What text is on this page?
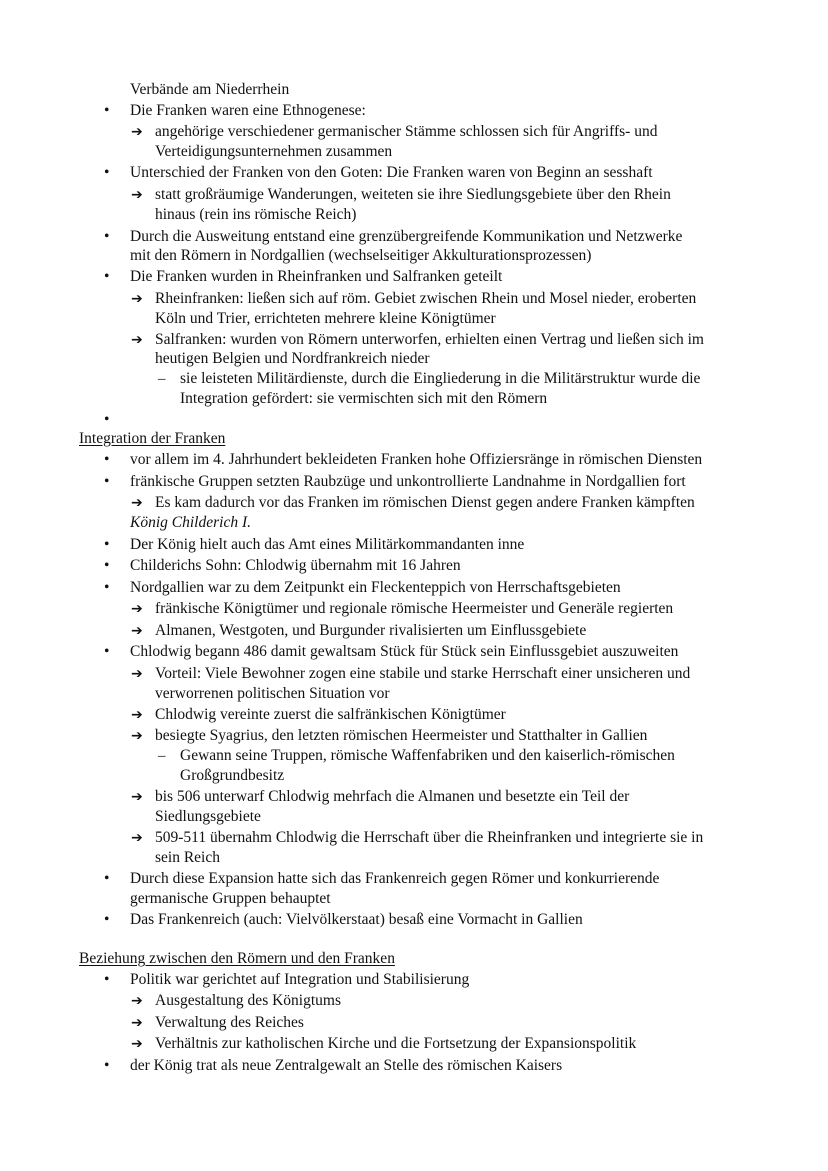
Verbände am Niederrhein
• Die Franken waren eine Ethnogenese:
➔ angehörige verschiedener germanischer Stämme schlossen sich für Angriffs- und
Verteidigungsunternehmen zusammen
• Unterschied der Franken von den Goten: Die Franken waren von Beginn an sesshaft
➔ statt großräumige Wanderungen, weiteten sie ihre Siedlungsgebiete über den Rhein
hinaus (rein ins römische Reich)
• Durch die Ausweitung entstand eine grenzübergreifende Kommunikation und Netzwerke
mit den Römern in Nordgallien (wechselseitiger Akkulturationsprozessen)
• Die Franken wurden in Rheinfranken und Salfranken geteilt
➔ Rheinfranken: ließen sich auf röm. Gebiet zwischen Rhein und Mosel nieder, eroberten
Köln und Trier, errichteten mehrere kleine Königtümer
➔ Salfranken: wurden von Römern unterworfen, erhielten einen Vertrag und ließen sich im
heutigen Belgien und Nordfrankreich nieder
– sie leisteten Militärdienste, durch die Eingliederung in die Militärstruktur wurde die
Integration gefördert: sie vermischten sich mit den Römern
•
Integration der Franken
• vor allem im 4. Jahrhundert bekleideten Franken hohe Offiziersränge in römischen Diensten
• fränkische Gruppen setzten Raubzüge und unkontrollierte Landnahme in Nordgallien fort
➔ Es kam dadurch vor das Franken im römischen Dienst gegen andere Franken kämpften
König Childerich I.
• Der König hielt auch das Amt eines Militärkommandanten inne
• Childerichs Sohn: Chlodwig übernahm mit 16 Jahren
• Nordgallien war zu dem Zeitpunkt ein Fleckenteppich von Herrschaftsgebieten
➔ fränkische Königtümer und regionale römische Heermeister und Generäle regierten
➔ Almanen, Westgoten, und Burgunder rivalisierten um Einflussgebiete
• Chlodwig begann 486 damit gewaltsam Stück für Stück sein Einflussgebiet auszuweiten
➔ Vorteil: Viele Bewohner zogen eine stabile und starke Herrschaft einer unsicheren und
verworrenen politischen Situation vor
➔ Chlodwig vereinte zuerst die salfränkischen Königtümer
➔ besiegte Syagrius, den letzten römischen Heermeister und Statthalter in Gallien
– Gewann seine Truppen, römische Waffenfabriken und den kaiserlich-römischen
Großgrundbesitz
➔ bis 506 unterwarf Chlodwig mehrfach die Almanen und besetzte ein Teil der
Siedlungsgebiete
➔ 509-511 übernahm Chlodwig die Herrschaft über die Rheinfranken und integrierte sie in
sein Reich
• Durch diese Expansion hatte sich das Frankenreich gegen Römer und konkurrierende
germanische Gruppen behauptet
• Das Frankenreich (auch: Vielvölkerstaat) besaß eine Vormacht in Gallien
Beziehung zwischen den Römern und den Franken
• Politik war gerichtet auf Integration und Stabilisierung
➔ Ausgestaltung des Königtums
➔ Verwaltung des Reiches
➔ Verhältnis zur katholischen Kirche und die Fortsetzung der Expansionspolitik
• der König trat als neue Zentralgewalt an Stelle des römischen Kaisers
